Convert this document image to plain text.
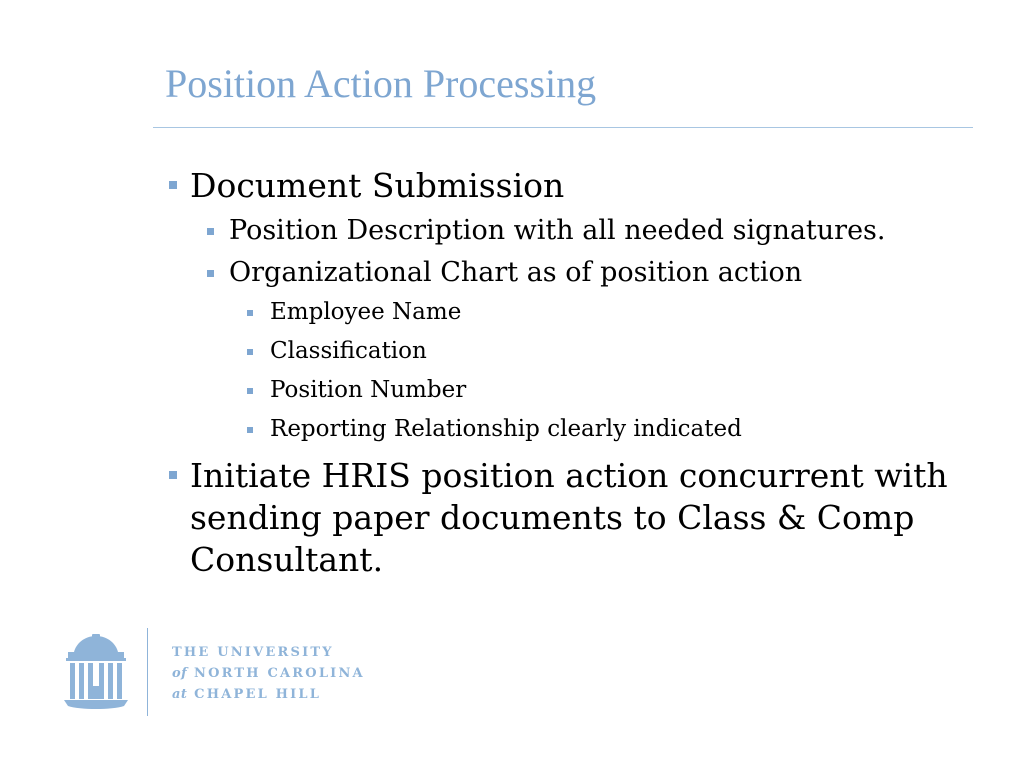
Position Action Processing
Document Submission
Position Description with all needed signatures.
Organizational Chart as of position action
Employee Name
Classification
Position Number
Reporting Relationship clearly indicated
Initiate HRIS position action concurrent with sending paper documents to Class & Comp Consultant.
THE UNIVERSITY
of NORTH CAROLINA
at CHAPEL HILL
